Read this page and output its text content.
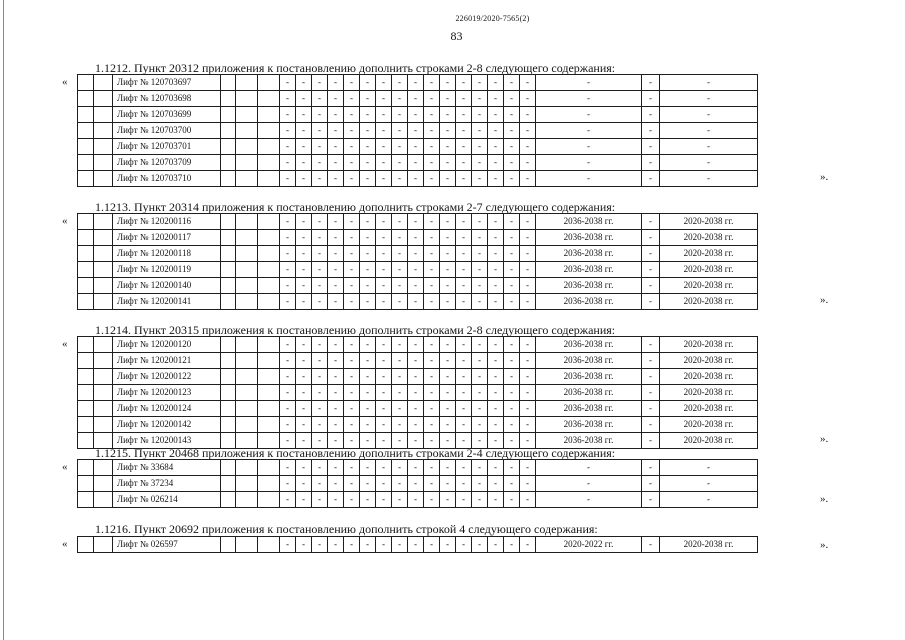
226019/2020-7565(2)
83
1.1212. Пункт 20312 приложения к постановлению дополнить строками 2-8 следующего содержания:
«
			Лифт № 120703697				-	-	-	-	-	-	-	-	-	-	-	-	-	-	-	-	-	-	-
		Лифт № 120703698				-	-	-	-	-	-	-	-	-	-	-	-	-	-	-	-	-	-	-
		Лифт № 120703699				-	-	-	-	-	-	-	-	-	-	-	-	-	-	-	-	-	-	-
		Лифт № 120703700				-	-	-	-	-	-	-	-	-	-	-	-	-	-	-	-	-	-	-
		Лифт № 120703701				-	-	-	-	-	-	-	-	-	-	-	-	-	-	-	-	-	-	-
		Лифт № 120703709				-	-	-	-	-	-	-	-	-	-	-	-	-	-	-	-	-	-	-
		Лифт № 120703710				-	-	-	-	-	-	-	-	-	-	-	-	-	-	-	-	-	-	-	».
1.1213. Пункт 20314 приложения к постановлению дополнить строками 2-7 следующего содержания:
«
			Лифт № 120200116				-	-	-	-	-	-	-	-	-	-	-	-	-	-	-	-	2036-2038 гг.	-	2020-2038 гг.
		Лифт № 120200117				-	-	-	-	-	-	-	-	-	-	-	-	-	-	-	-	2036-2038 гг.	-	2020-2038 гг.
		Лифт № 120200118				-	-	-	-	-	-	-	-	-	-	-	-	-	-	-	-	2036-2038 гг.	-	2020-2038 гг.
		Лифт № 120200119				-	-	-	-	-	-	-	-	-	-	-	-	-	-	-	-	2036-2038 гг.	-	2020-2038 гг.
		Лифт № 120200140				-	-	-	-	-	-	-	-	-	-	-	-	-	-	-	-	2036-2038 гг.	-	2020-2038 гг.
		Лифт № 120200141				-	-	-	-	-	-	-	-	-	-	-	-	-	-	-	-	2036-2038 гг.	-	2020-2038 гг.	».
1.1214. Пункт 20315 приложения к постановлению дополнить строками 2-8 следующего содержания:
«
			Лифт № 120200120				-	-	-	-	-	-	-	-	-	-	-	-	-	-	-	-	2036-2038 гг.	-	2020-2038 гг.
		Лифт № 120200121				-	-	-	-	-	-	-	-	-	-	-	-	-	-	-	-	2036-2038 гг.	-	2020-2038 гг.
		Лифт № 120200122				-	-	-	-	-	-	-	-	-	-	-	-	-	-	-	-	2036-2038 гг.	-	2020-2038 гг.
		Лифт № 120200123				-	-	-	-	-	-	-	-	-	-	-	-	-	-	-	-	2036-2038 гг.	-	2020-2038 гг.
		Лифт № 120200124				-	-	-	-	-	-	-	-	-	-	-	-	-	-	-	-	2036-2038 гг.	-	2020-2038 гг.
		Лифт № 120200142				-	-	-	-	-	-	-	-	-	-	-	-	-	-	-	-	2036-2038 гг.	-	2020-2038 гг.
		Лифт № 120200143				-	-	-	-	-	-	-	-	-	-	-	-	-	-	-	-	2036-2038 гг.	-	2020-2038 гг.	».
1.1215. Пункт 20468 приложения к постановлению дополнить строками 2-4 следующего содержания:
«
			Лифт № 33684				-	-	-	-	-	-	-	-	-	-	-	-	-	-	-	-	-	-	-
		Лифт № 37234				-	-	-	-	-	-	-	-	-	-	-	-	-	-	-	-	-	-	-
		Лифт № 026214				-	-	-	-	-	-	-	-	-	-	-	-	-	-	-	-	-	-	-	».
1.1216. Пункт 20692 приложения к постановлению дополнить строкой 4 следующего содержания:
«
			Лифт № 026597				-	-	-	-	-	-	-	-	-	-	-	-	-	-	-	-	2020-2022 гг.	-	2020-2038 гг.	».
